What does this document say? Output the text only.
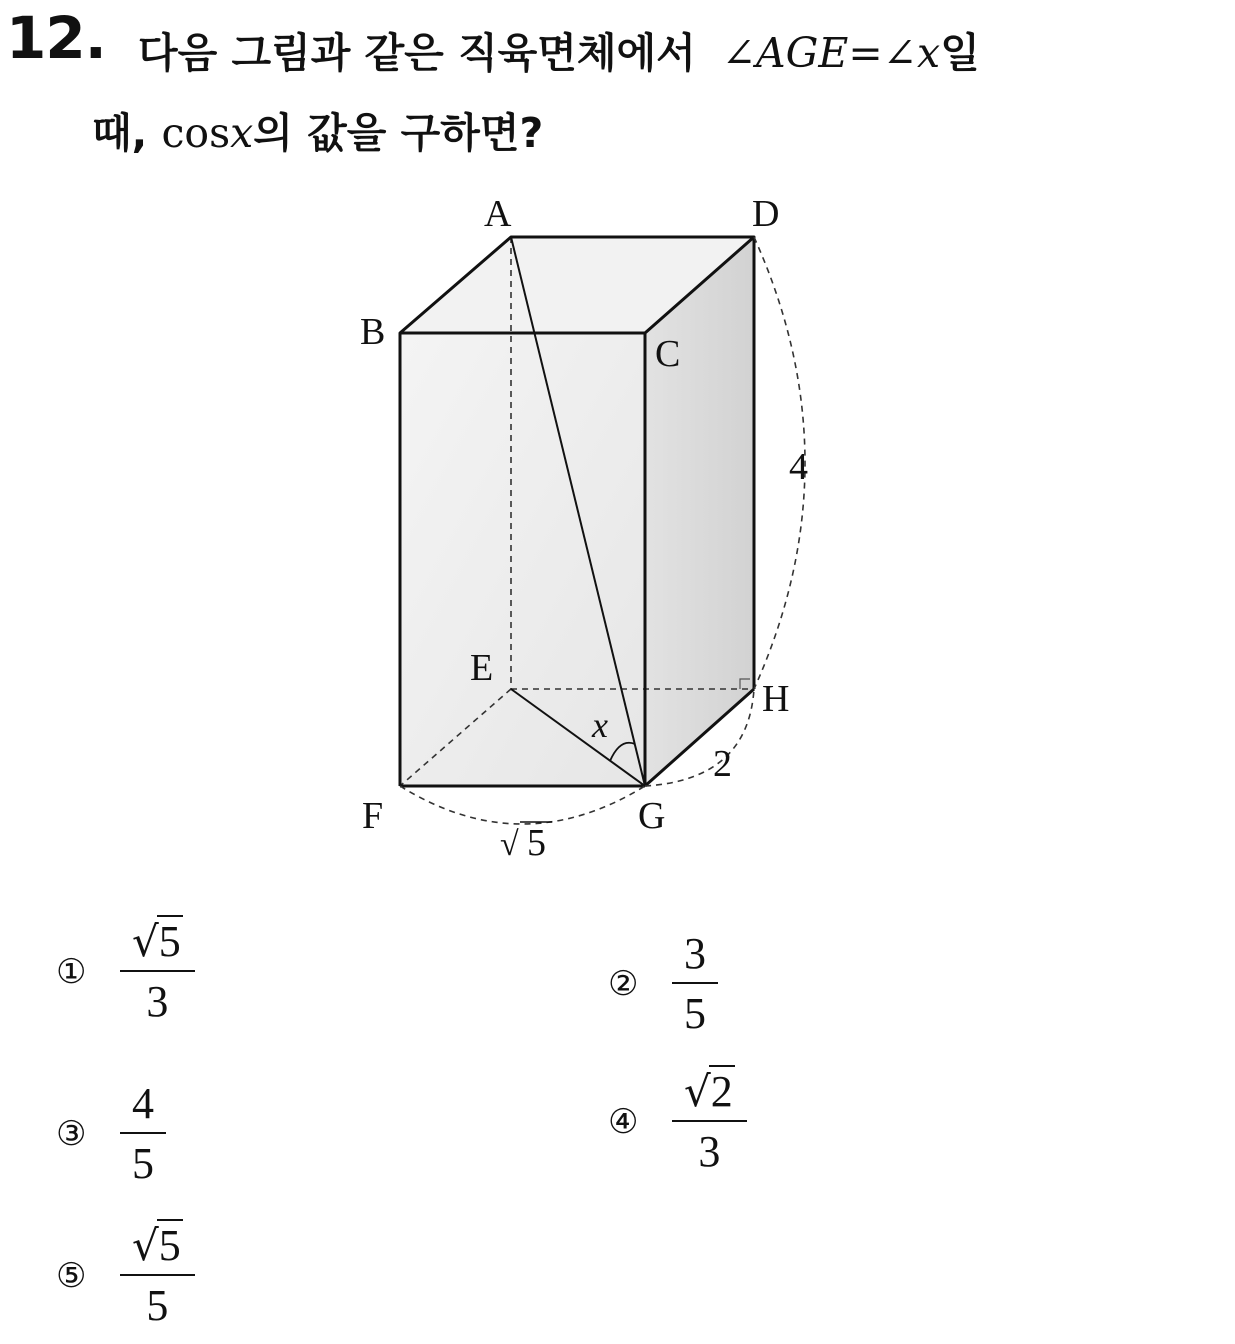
12. 다음 그림과 같은 직육면체에서 ∠AGE=∠x일
때, cosx의 값을 구하면?
A	D
B
C
E
H
F	G
x
4
2
√ 5
① $\frac{√5}{3}$	② $\frac{3}{5}$
③ $\frac{4}{5}$	④ $\frac{√2}{3}$
⑤ $\frac{√5}{5}$
